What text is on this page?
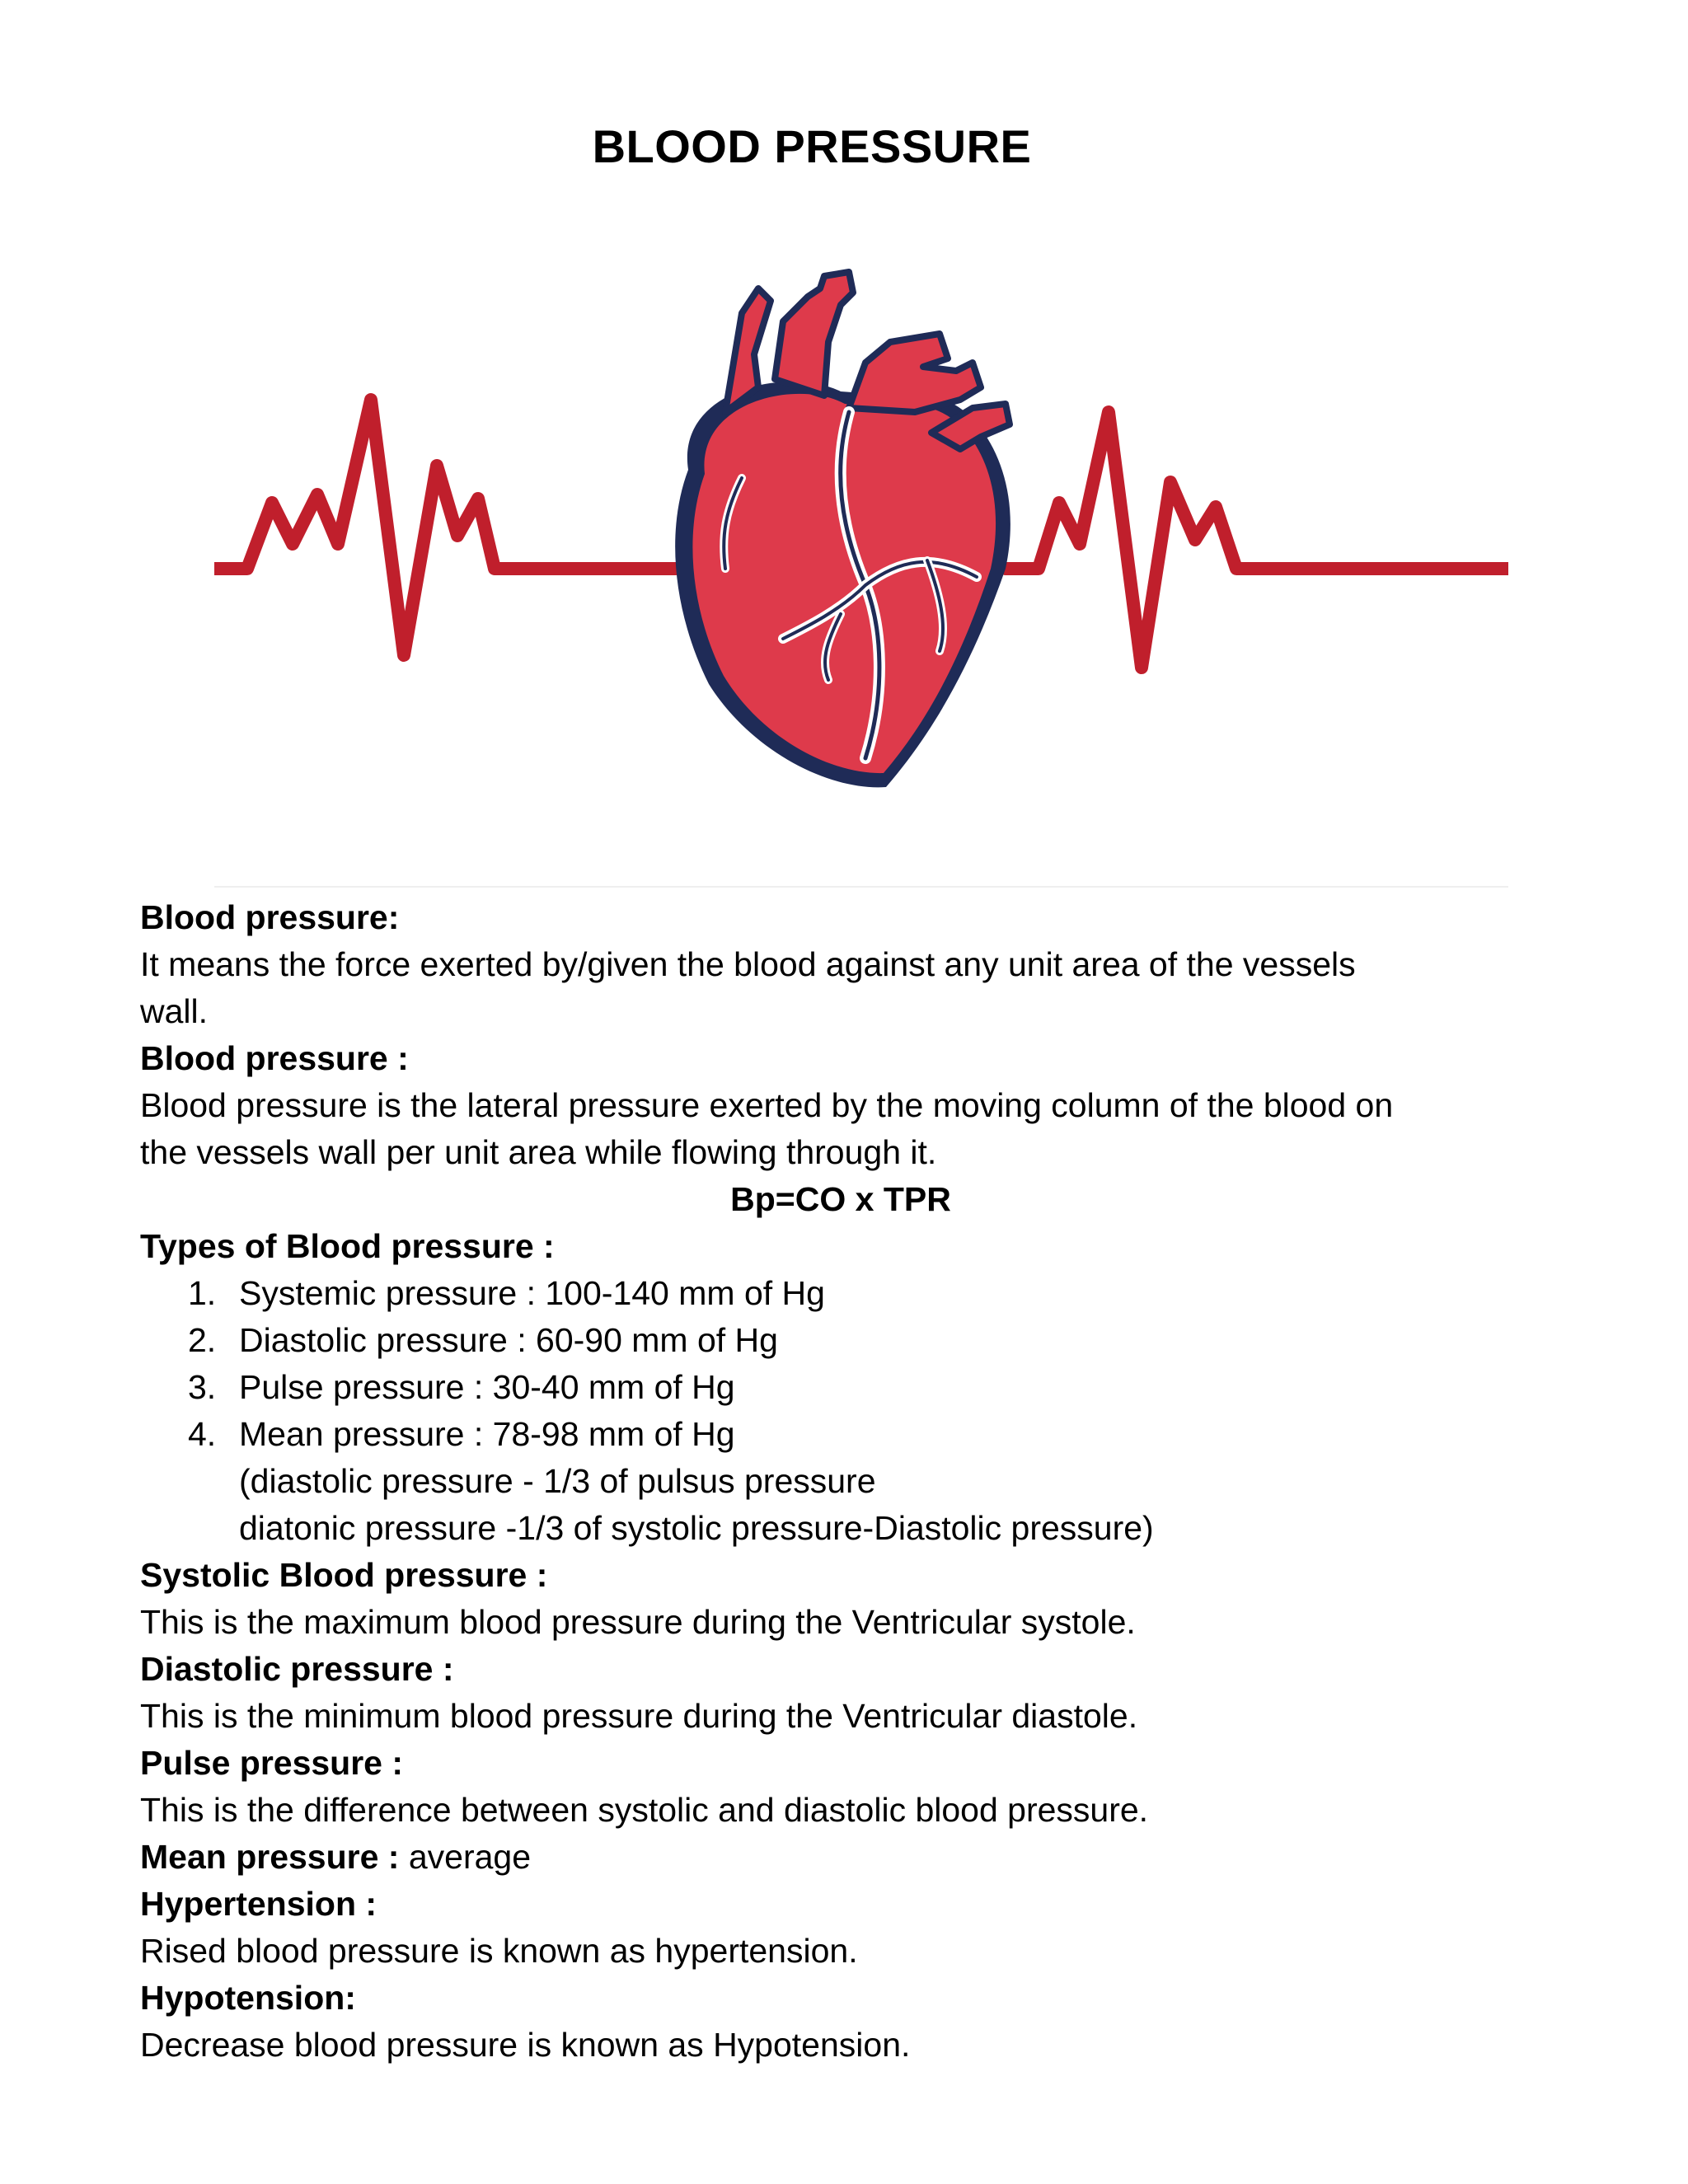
BLOOD PRESSURE

Blood pressure:

It means the force exerted by/given the blood against any unit area of the vessels

wall.

Blood pressure :

Blood pressure is the lateral pressure exerted by the moving column of the blood on

the vessels wall per unit area while flowing through it.

Bp=CO x TPR

Types of Blood pressure :

1. Systemic pressure : 100-140 mm of Hg
2. Diastolic pressure : 60-90 mm of Hg
3. Pulse pressure : 30-40 mm of Hg
4. Mean pressure : 78-98 mm of Hg

(diastolic pressure - 1/3 of pulsus pressure

diatonic pressure -1/3 of systolic pressure-Diastolic pressure)

Systolic Blood pressure :

This is the maximum blood pressure during the Ventricular systole.

Diastolic pressure :

This is the minimum blood pressure during the Ventricular diastole.

Pulse pressure :

This is the difference between systolic and diastolic blood pressure.

Mean pressure : average

Hypertension :

Rised blood pressure is known as hypertension.

Hypotension:

Decrease blood pressure is known as Hypotension.
